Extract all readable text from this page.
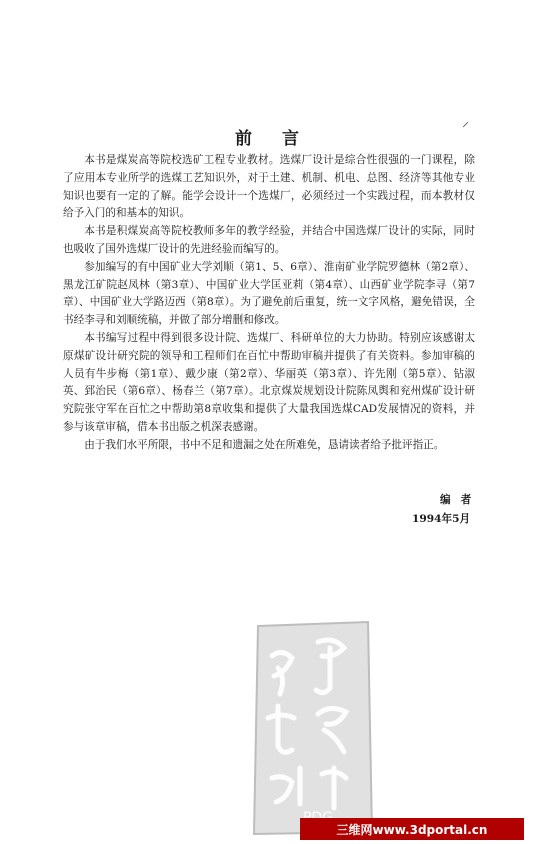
前言
⸍

本书是煤炭高等院校选矿工程专业教材。选煤厂设计是综合性很强的一门课程，除了应用本专业所学的选煤工艺知识外，对于土建、机制、机电、总图、经济等其他专业知识也要有一定的了解。能学会设计一个选煤厂，必须经过一个实践过程，而本教材仅给予入门的和基本的知识。

本书是积煤炭高等院校教师多年的教学经验，并结合中国选煤厂设计的实际，同时也吸收了国外选煤厂设计的先进经验而编写的。

参加编写的有中国矿业大学刘顺（第1、5、6章）、淮南矿业学院罗德林（第2章）、黑龙江矿院赵凤林（第3章）、中国矿业大学匡亚莉（第4章）、山西矿业学院李寻（第7章）、中国矿业大学路迈西（第8章）。为了避免前后重复，统一文字风格，避免错误，全书经李寻和刘顺统稿，并做了部分增删和修改。

本书编写过程中得到很多设计院、选煤厂、科研单位的大力协助。特别应该感谢太原煤矿设计研究院的领导和工程师们在百忙中帮助审稿并提供了有关资料。参加审稿的人员有牛步梅（第1章）、戴少康（第2章）、华丽英（第3章）、许先刚（第5章）、钻淑英、郅治民（第6章）、杨春兰（第7章）。北京煤炭规划设计院陈凤舆和兖州煤矿设计研究院张守军在百忙之中帮助第8章收集和提供了大量我国选煤CAD发展情况的资料，并参与该章审稿，借本书出版之机深表感谢。

由于我们水平所限，书中不足和遗漏之处在所难免，恳请读者给予批评指正。

编者
1994年5月
三维网www.3dportal.cn
